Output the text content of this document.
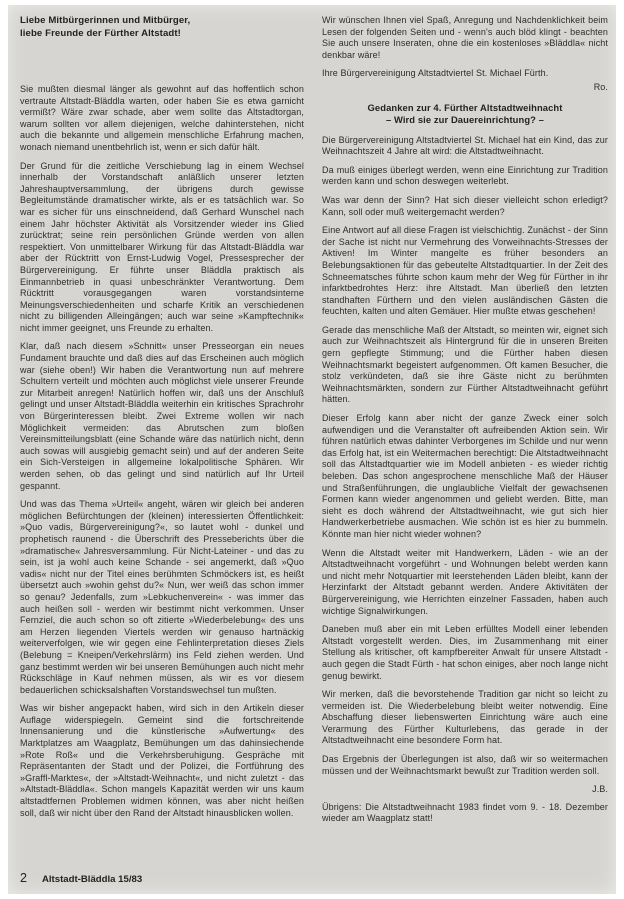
Liebe Mitbürgerinnen und Mitbürger,
liebe Freunde der Fürther Altstadt!

Sie mußten diesmal länger als gewohnt auf das hoffentlich schon vertraute Altstadt-Bläddla warten, oder haben Sie es etwa garnicht vermißt? Wäre zwar schade, aber wem sollte das Altstadtorgan, warum sollten vor allem diejenigen, welche dahinterstehen, nicht auch die bekannte und allgemein menschliche Erfahrung machen, wonach niemand unentbehrlich ist, wenn er sich dafür hält.

Der Grund für die zeitliche Verschiebung lag in einem Wechsel innerhalb der Vorstandschaft anläßlich unserer letzten Jahreshauptversammlung, der übrigens durch gewisse Begleitumstände dramatischer wirkte, als er es tatsächlich war. So war es sicher für uns einschneidend, daß Gerhard Wunschel nach einem Jahr höchster Aktivität als Vorsitzender wieder ins Glied zurücktrat; seine rein persönlichen Gründe werden von allen respektiert. Von unmittelbarer Wirkung für das Altstadt-Bläddla war aber der Rücktritt von Ernst-Ludwig Vogel, Pressesprecher der Bürgervereinigung. Er führte unser Bläddla praktisch als Einmannbetrieb in quasi unbeschränkter Verantwortung. Dem Rücktritt vorausgegangen waren vorstandsinterne Meinungsverschiedenheiten und scharfe Kritik an verschiedenen nicht zu billigenden Alleingängen; auch war seine »Kampftechnik« nicht immer geeignet, uns Freunde zu erhalten.

Klar, daß nach diesem »Schnitt« unser Presseorgan ein neues Fundament brauchte und daß dies auf das Erscheinen auch möglich war (siehe oben!) Wir haben die Verantwortung nun auf mehrere Schultern verteilt und möchten auch möglichst viele unserer Freunde zur Mitarbeit anregen! Natürlich hoffen wir, daß uns der Anschluß gelingt und unser Altstadt-Bläddla weiterhin ein kritisches Sprachrohr von Bürgerinteressen bleibt. Zwei Extreme wollen wir nach Möglichkeit vermeiden: das Abrutschen zum bloßen Vereinsmitteilungsblatt (eine Schande wäre das natürlich nicht, denn auch sowas will ausgiebig gemacht sein) und auf der anderen Seite ein Sich-Versteigen in allgemeine lokalpolitische Sphären. Wir werden sehen, ob das gelingt und sind natürlich auf Ihr Urteil gespannt.

Und was das Thema »Urteil« angeht, wären wir gleich bei anderen möglichen Befürchtungen der (kleinen) interessierten Öffentlichkeit: »Quo vadis, Bürgervereinigung?«, so lautet wohl - dunkel und prophetisch raunend - die Überschrift des Presseberichts über die »dramatische« Jahresversammlung. Für Nicht-Lateiner - und das zu sein, ist ja wohl auch keine Schande - sei angemerkt, daß »Quo vadis« nicht nur der Titel eines berühmten Schmöckers ist, es heißt übersetzt auch »wohin gehst du?« Nun, wer weiß das schon immer so genau? Jedenfalls, zum »Lebkuchenverein« - was immer das auch heißen soll - werden wir bestimmt nicht verkommen. Unser Fernziel, die auch schon so oft zitierte »Wiederbelebung« des uns am Herzen liegenden Viertels werden wir genauso hartnäckig weiterverfolgen, wie wir gegen eine Fehlinterpretation dieses Ziels (Belebung = Kneipen/Verkehrslärm) ins Feld ziehen werden. Und ganz bestimmt werden wir bei unseren Bemühungen auch nicht mehr Rückschläge in Kauf nehmen müssen, als wir es vor diesem bedauerlichen schicksalshaften Vorstandswechsel tun mußten.

Was wir bisher angepackt haben, wird sich in den Artikeln dieser Auflage widerspiegeln. Gemeint sind die fortschreitende Innensanierung und die künstlerische »Aufwertung« des Marktplatzes am Waagplatz, Bemühungen um das dahinsiechende »Rote Roß« und die Verkehrsberuhigung. Gespräche mit Repräsentanten der Stadt und der Polizei, die Fortführung des »Graffl-Marktes«, der »Altstadt-Weihnacht«, und nicht zuletzt - das »Altstadt-Bläddla«. Schon mangels Kapazität werden wir uns kaum altstadtfernen Problemen widmen können, was aber nicht heißen soll, daß wir nicht über den Rand der Altstadt hinausblicken wollen.

Wir wünschen Ihnen viel Spaß, Anregung und Nachdenklichkeit beim Lesen der folgenden Seiten und - wenn's auch blöd klingt - beachten Sie auch unsere Inseraten, ohne die ein kostenloses »Bläddla« nicht denkbar wäre!

Ihre Bürgervereinigung Altstadtviertel St. Michael Fürth.

Ro.

Gedanken zur 4. Fürther Altstadtweihnacht
– Wird sie zur Dauereinrichtung? –

Die Bürgervereinigung Altstadtviertel St. Michael hat ein Kind, das zur Weihnachtszeit 4 Jahre alt wird: die Altstadtweihnacht.

Da muß einiges überlegt werden, wenn eine Einrichtung zur Tradition werden kann und schon deswegen weiterlebt.

Was war denn der Sinn? Hat sich dieser vielleicht schon erledigt? Kann, soll oder muß weitergemacht werden?

Eine Antwort auf all diese Fragen ist vielschichtig. Zunächst - der Sinn der Sache ist nicht nur Vermehrung des Vorweihnachts-Stresses der Aktiven! Im Winter mangelte es früher besonders an Belebungsaktionen für das gebeutelte Altstadtquartier. In der Zeit des Schneematsches führte schon kaum mehr der Weg für Fürther in ihr infarktbedrohtes Herz: ihre Altstadt. Man überließ den letzten standhaften Fürthern und den vielen ausländischen Gästen die feuchten, kalten und alten Gemäuer. Hier mußte etwas geschehen!

Gerade das menschliche Maß der Altstadt, so meinten wir, eignet sich auch zur Weihnachtszeit als Hintergrund für die in unseren Breiten gern gepflegte Stimmung; und die Fürther haben diesen Weihnachtsmarkt begeistert aufgenommen. Oft kamen Besucher, die stolz verkündeten, daß sie ihre Gäste nicht zu berühmten Weihnachtsmärkten, sondern zur Fürther Altstadtweihnacht geführt hätten.

Dieser Erfolg kann aber nicht der ganze Zweck einer solch aufwendigen und die Veranstalter oft aufreibenden Aktion sein. Wir führen natürlich etwas dahinter Verborgenes im Schilde und nur wenn das Erfolg hat, ist ein Weitermachen berechtigt: Die Altstadtweihnacht soll das Altstadtquartier wie im Modell anbieten - es wieder richtig beleben. Das schon angesprochene menschliche Maß der Häuser und Straßenführungen, die unglaubliche Vielfalt der gewachsenen Formen kann wieder angenommen und geliebt werden. Bitte, man sieht es doch während der Altstadtweihnacht, wie gut sich hier Handwerkerbetriebe ausmachen. Wie schön ist es hier zu bummeln. Könnte man hier nicht wieder wohnen?

Wenn die Altstadt weiter mit Handwerkern, Läden - wie an der Altstadtweihnacht vorgeführt - und Wohnungen belebt werden kann und nicht mehr Notquartier mit leerstehenden Läden bleibt, kann der Herzinfarkt der Altstadt gebannt werden. Andere Aktivitäten der Bürgervereinigung, wie Herrichten einzelner Fassaden, haben auch wichtige Signalwirkungen.

Daneben muß aber ein mit Leben erfülltes Modell einer lebenden Altstadt vorgestellt werden. Dies, im Zusammenhang mit einer Stellung als kritischer, oft kampfbereiter Anwalt für unsere Altstadt - auch gegen die Stadt Fürth - hat schon einiges, aber noch lange nicht genug bewirkt.

Wir merken, daß die bevorstehende Tradition gar nicht so leicht zu vermeiden ist. Die Wiederbelebung bleibt weiter notwendig. Eine Abschaffung dieser liebenswerten Einrichtung wäre auch eine Verarmung des Fürther Kulturlebens, das gerade in der Altstadtweihnacht eine besondere Form hat.

Das Ergebnis der Überlegungen ist also, daß wir so weitermachen müssen und der Weihnachtsmarkt bewußt zur Tradition werden soll.

J.B.

Übrigens: Die Altstadtweihnacht 1983 findet vom 9. - 18. Dezember wieder am Waagplatz statt!

2 Altstadt-Bläddla 15/83
